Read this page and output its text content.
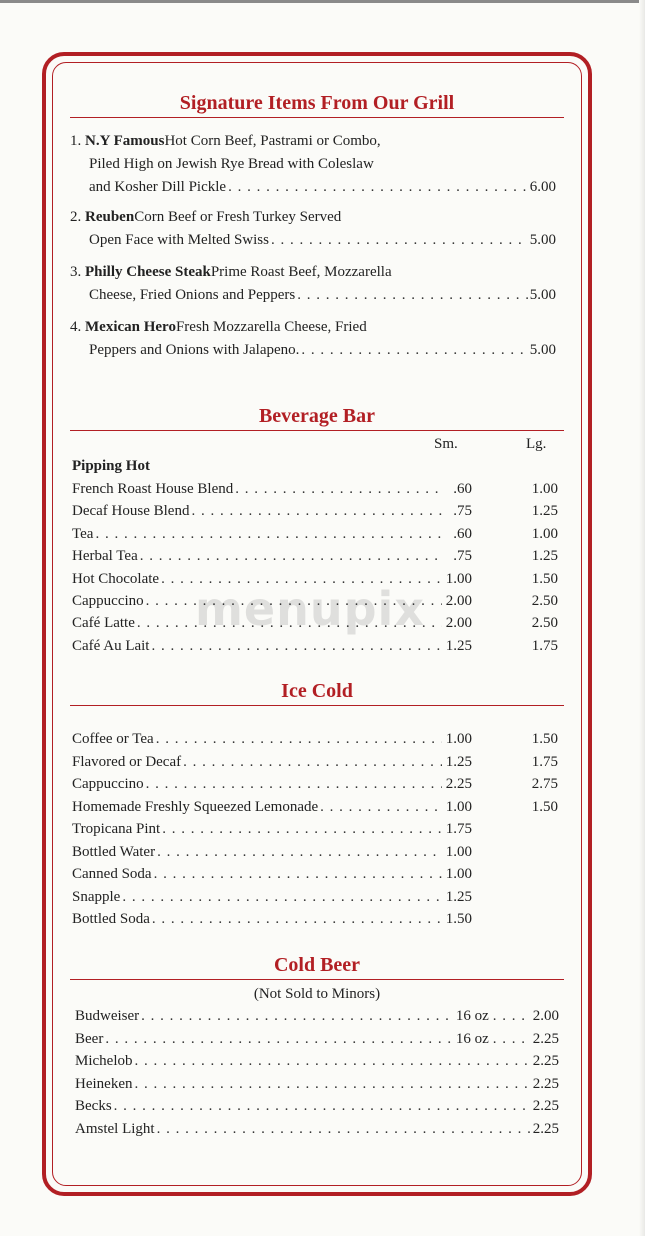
menupix
Signature Items From Our Grill
1.
N.Y Famous Hot Corn Beef, Pastrami or Combo,
Piled High on Jewish Rye Bread with Coleslaw
and Kosher Dill Pickle . . .	6.00
2.
Reuben Corn Beef or Fresh Turkey Served
Open Face with Melted Swiss . . .	5.00
3.
Philly Cheese Steak Prime Roast Beef, Mozzarella
Cheese, Fried Onions and Peppers . . .	5.00
4.
Mexican Hero Fresh Mozzarella Cheese, Fried
Peppers and Onions with Jalapeno. . . .	5.00
Beverage Bar
Sm.	Lg.
Pipping Hot
French Roast House Blend . . .	.60	1.00
Decaf House Blend . . .	.75	1.25
Tea . . .	.60	1.00
Herbal Tea . . .	.75	1.25
Hot Chocolate . . .	1.00	1.50
Cappuccino . . .	2.00	2.50
Café Latte . . .	2.00	2.50
Café Au Lait . . .	1.25	1.75
Ice Cold
Coffee or Tea . . .	1.00	1.50
Flavored or Decaf . . .	1.25	1.75
Cappuccino . . .	2.25	2.75
Homemade Freshly Squeezed Lemonade . . .	1.00	1.50
Tropicana Pint . . .	1.75
Bottled Water . . .	1.00
Canned Soda . . .	1.00
Snapple . . .	1.25
Bottled Soda . . .	1.50
Cold Beer
(Not Sold to Minors)
Budweiser . . .	16 oz . . .	2.00
Beer . . .	16 oz . . .	2.25
Michelob . . .	2.25
Heineken . . .	2.25
Becks . . .	2.25
Amstel Light . . .	2.25
